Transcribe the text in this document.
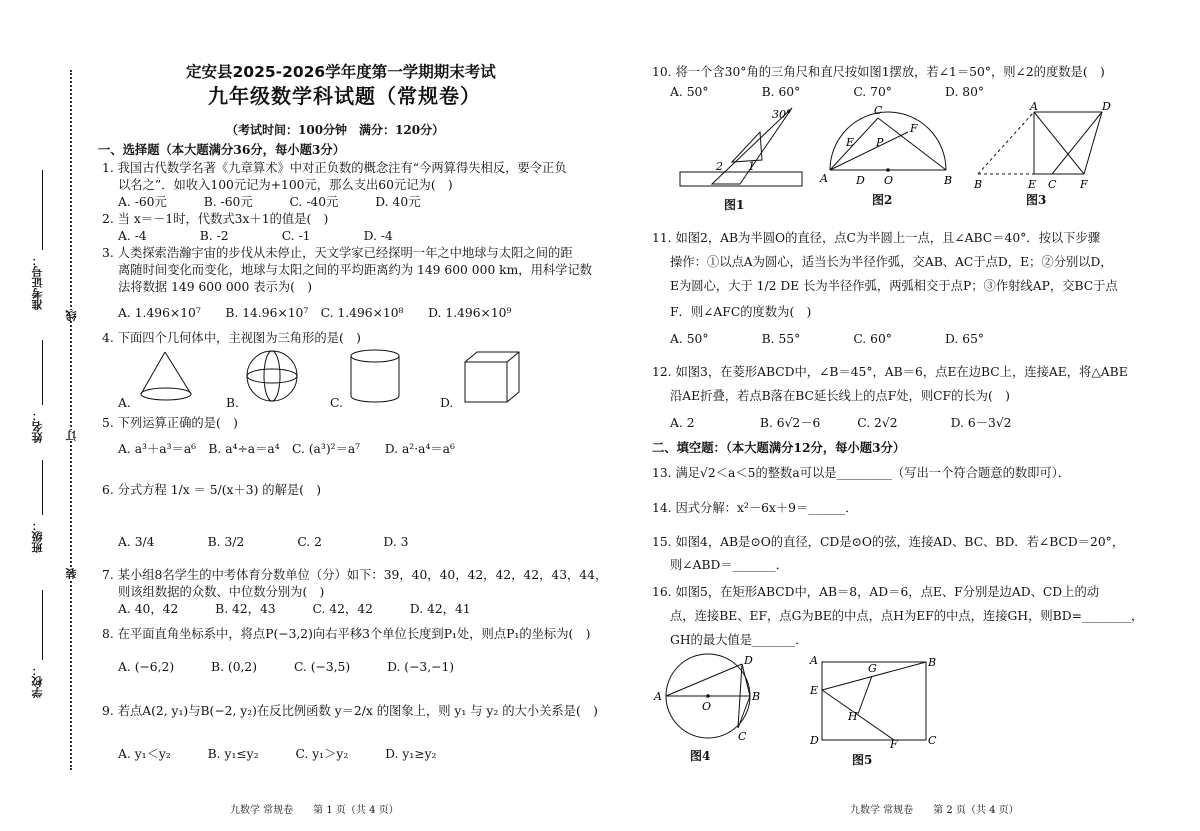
准考证号：
姓名：
班级：
学校：
线
订
装
定安县2025-2026学年度第一学期期末考试
九年级数学科试题（常规卷）
（考试时间：100分钟　满分：120分）
一、选择题（本大题满分36分，每小题3分）
1. 我国古代数学名著《九章算术》中对正负数的概念注有“今两算得失相反，要令正负
以名之”．如收入100元记为+100元，那么支出60元记为(　)
A. -60元　　　B. -60元　　　C. -40元　　　D. 40元
2. 当 x＝－1时，代数式3x＋1的值是(　)
A. -4　　　　 B. -2　　　　 C. -1　　　　 D. -4
3. 人类探索浩瀚宇宙的步伐从未停止，天文学家已经探明一年之中地球与太阳之间的距
离随时间变化而变化，地球与太阳之间的平均距离约为 149 600 000 km，用科学记数
法将数据 149 600 000 表示为(　)
A. 1.496×10⁷　　B. 14.96×10⁷　C. 1.496×10⁸　　D. 1.496×10⁹
4. 下面四个几何体中，主视图为三角形的是(　)
A.	B.	C.	D.
5. 下列运算正确的是(　)
A. a³＋a³＝a⁶　B. a⁴÷a＝a⁴　C. (a³)²＝a⁷　　D. a²·a⁴＝a⁶
6. 分式方程 1/x ＝ 5/(x＋3) 的解是(　)
A. 3/4　　　　 B. 3/2　　　　 C. 2　　　　　D. 3
7. 某小组8名学生的中考体育分数单位（分）如下：39，40，40，42，42，42，43，44，
则该组数据的众数、中位数分别为(　)
A. 40，42　　　B. 42，43　　　C. 42，42　　　D. 42，41
8. 在平面直角坐标系中，将点P(−3,2)向右平移3个单位长度到P₁处，则点P₁的坐标为(　)
A. (−6,2)　　　B. (0,2)　　　C. (−3,5)　　　D. (−3,−1)
9. 若点A(2, y₁)与B(−2, y₂)在反比例函数 y＝2/x 的图象上，则 y₁ 与 y₂ 的大小关系是(　)
A. y₁＜y₂　　　B. y₁≤y₂　　　C. y₁＞y₂　　　D. y₁≥y₂
九数学 常规卷　　第 1 页（共 4 页）
10. 将一个含30°角的三角尺和直尺按如图1摆放，若∠1＝50°，则∠2的度数是(　)
A. 50°　　　　 B. 60°　　　　 C. 70°　　　　 D. 80°
30°
1
2
图1
A	D O	B
C
E P
F
图2
A	D
B	E C F
图3
11. 如图2，AB为半圆O的直径，点C为半圆上一点，且∠ABC＝40°．按以下步骤
操作：①以点A为圆心，适当长为半径作弧，交AB、AC于点D，E；②分别以D，
E为圆心，大于 1/2 DE 长为半径作弧，两弧相交于点P；③作射线AP，交BC于点
F．则∠AFC的度数为(　)
A. 50°　　　　 B. 55°　　　　 C. 60°　　　　 D. 65°
12. 如图3，在菱形ABCD中，∠B＝45°，AB＝6，点E在边BC上，连接AE，将△ABE
沿AE折叠，若点B落在BC延长线上的点F处，则CF的长为(　)
A. 2　　　　　 B. 6√2－6　　　C. 2√2　　　　 D. 6－3√2
二、填空题：（本大题满分12分，每小题3分）
13. 满足√2＜a＜5的整数a可以是_________（写出一个符合题意的数即可）．
14. 因式分解：x²－6x＋9＝______．
15. 如图4，AB是⊙O的直径，CD是⊙O的弦，连接AD、BC、BD．若∠BCD＝20°，
则∠ABD＝_______．
16. 如图5，在矩形ABCD中，AB＝8，AD＝6，点E、F分别是边AD、CD上的动
点，连接BE、EF，点G为BE的中点，点H为EF的中点，连接GH，则BD=________，
GH的最大值是_______．
A
O
B
D
C
图4
A	B
E
G
H
D	F	C
图5
九数学 常规卷　　第 2 页（共 4 页）
